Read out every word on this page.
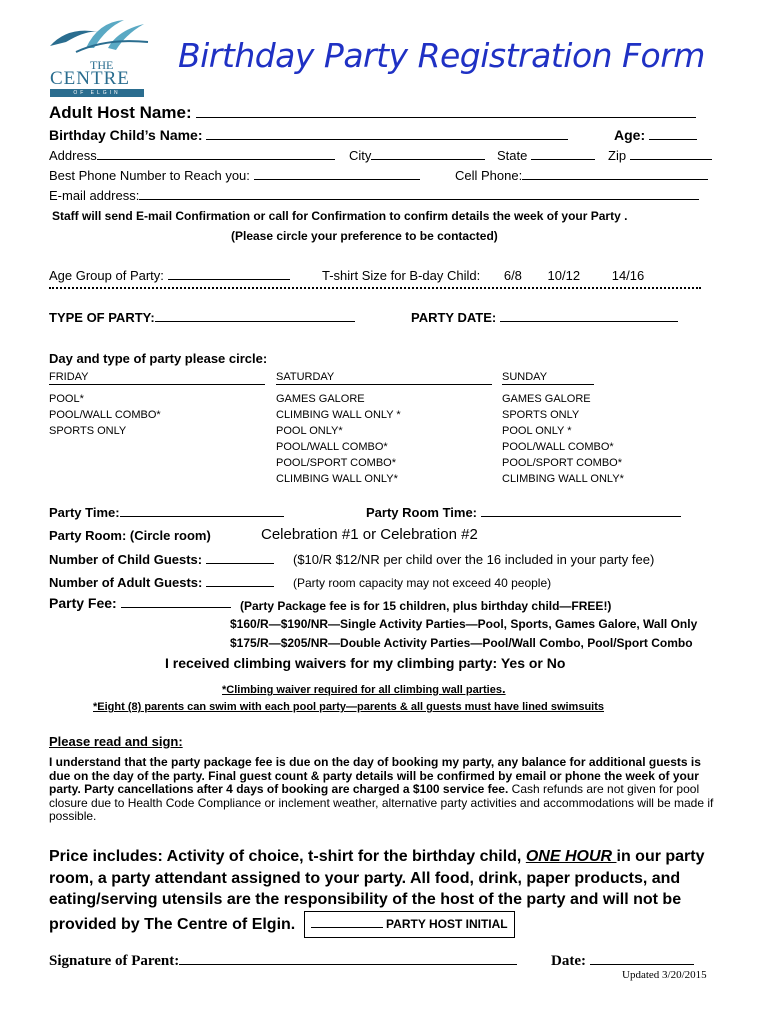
THE
CENTRE
OF ELGIN
Birthday Party Registration Form
Adult Host Name:
Birthday Child’s Name:	Age:
Address	City	State	Zip
Best Phone Number to Reach you:	Cell Phone:
E-mail address:
Staff will send E-mail Confirmation or call for Confirmation to confirm details the week of your Party .
(Please circle your preference to be contacted)
Age Group of Party:	T-shirt Size for B-day Child: 6/8 10/12 14/16
TYPE OF PARTY:	PARTY DATE:
Day and type of party please circle:
FRIDAY
POOL*
POOL/WALL COMBO*
SPORTS ONLY
SATURDAY
GAMES GALORE
CLIMBING WALL ONLY *
POOL ONLY*
POOL/WALL COMBO*
POOL/SPORT COMBO*
CLIMBING WALL ONLY*
SUNDAY
GAMES GALORE
SPORTS ONLY
POOL ONLY *
POOL/WALL COMBO*
POOL/SPORT COMBO*
CLIMBING WALL ONLY*
Party Time:	Party Room Time:
Party Room: (Circle room)	Celebration #1 or Celebration #2
Number of Child Guests:	($10/R $12/NR per child over the 16 included in your party fee)
Number of Adult Guests:	(Party room capacity may not exceed 40 people)
Party Fee:	(Party Package fee is for 15 children, plus birthday child—FREE!)
$160/R—$190/NR—Single Activity Parties—Pool, Sports, Games Galore, Wall Only
$175/R—$205/NR—Double Activity Parties—Pool/Wall Combo, Pool/Sport Combo
I received climbing waivers for my climbing party: Yes or No
*Climbing waiver required for all climbing wall parties.
*Eight (8) parents can swim with each pool party—parents & all guests must have lined swimsuits
Please read and sign:
I understand that the party package fee is due on the day of booking my party, any balance for additional guests is due on the day of the party. Final guest count & party details will be confirmed by email or phone the week of your party. Party cancellations after 4 days of booking are charged a $100 service fee. Cash refunds are not given for pool closure due to Health Code Compliance or inclement weather, alternative party activities and accommodations will be made if possible.
Price includes: Activity of choice, t-shirt for the birthday child, ONE HOUR in our party room, a party attendant assigned to your party. All food, drink, paper products, and eating/serving utensils are the responsibility of the host of the party and will not be provided by The Centre of Elgin.	PARTY HOST INITIAL
Signature of Parent:	Date:
Updated 3/20/2015
